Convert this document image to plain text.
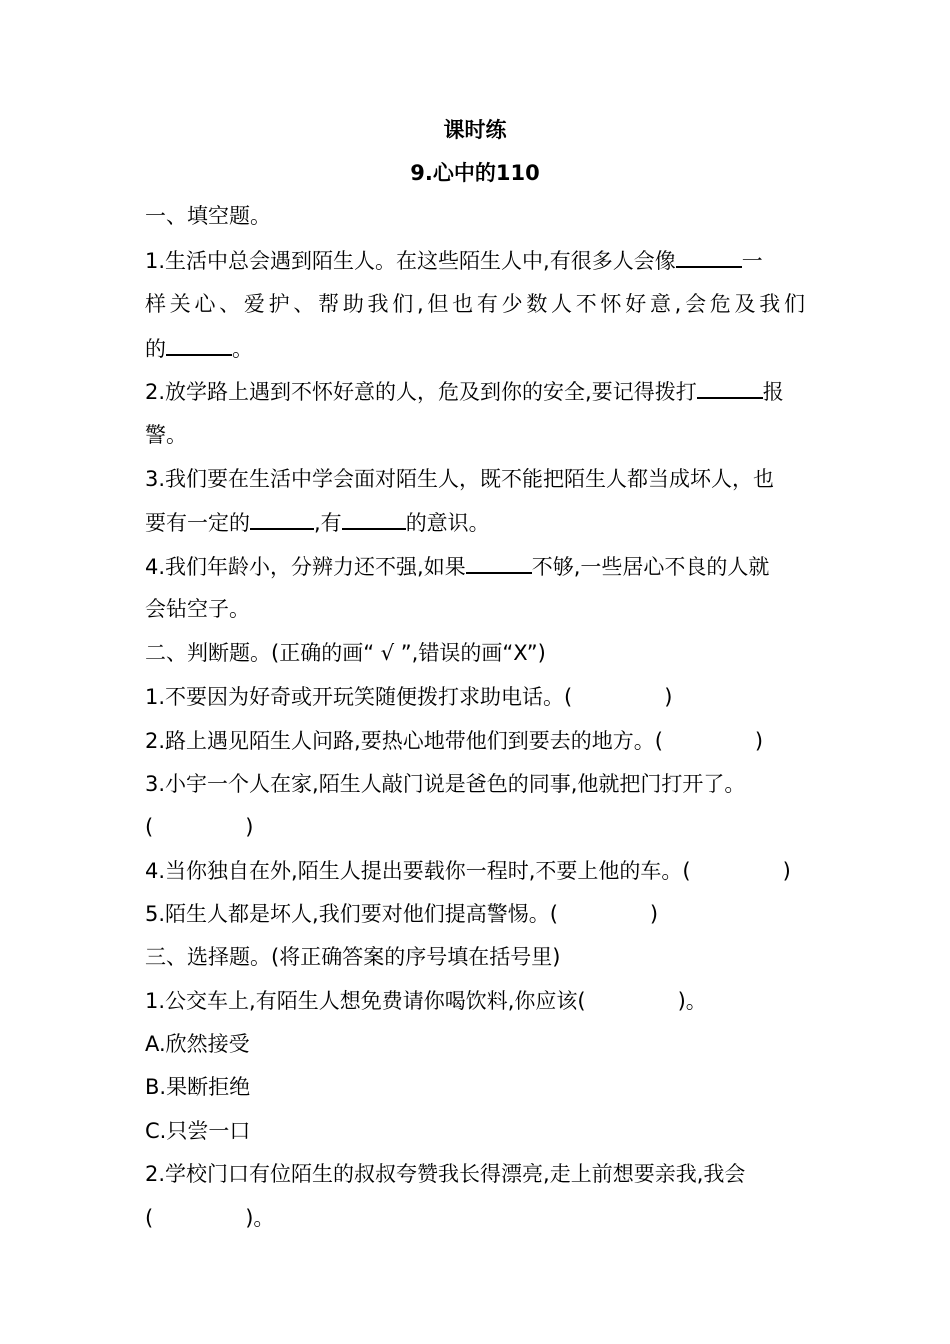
课时练
9.心中的110
一、填空题。
1.生活中总会遇到陌生人。在这些陌生人中,有很多人会像	一
样关心、爱护、帮助我们,但也有少数人不怀好意,会危及我们
的	。
2.放学路上遇到不怀好意的人，危及到你的安全,要记得拨打	报
警。
3.我们要在生活中学会面对陌生人，既不能把陌生人都当成坏人，也
要有一定的	,有	的意识。
4.我们年龄小，分辨力还不强,如果	不够,一些居心不良的人就
会钻空子。
二、判断题。(正确的画“ √ ”,错误的画“X”)
1.不要因为好奇或开玩笑随便拨打求助电话。(	)
2.路上遇见陌生人问路,要热心地带他们到要去的地方。(	)
3.小宇一个人在家,陌生人敲门说是爸色的同事,他就把门打开了。
(	)
4.当你独自在外,陌生人提出要载你一程时,不要上他的车。(	)
5.陌生人都是坏人,我们要对他们提高警惕。(	)
三、选择题。(将正确答案的序号填在括号里)
1.公交车上,有陌生人想免费请你喝饮料,你应该(	)。
A.欣然接受
B.果断拒绝
C.只尝一口
2.学校门口有位陌生的叔叔夸赞我长得漂亮,走上前想要亲我,我会
(	)。
